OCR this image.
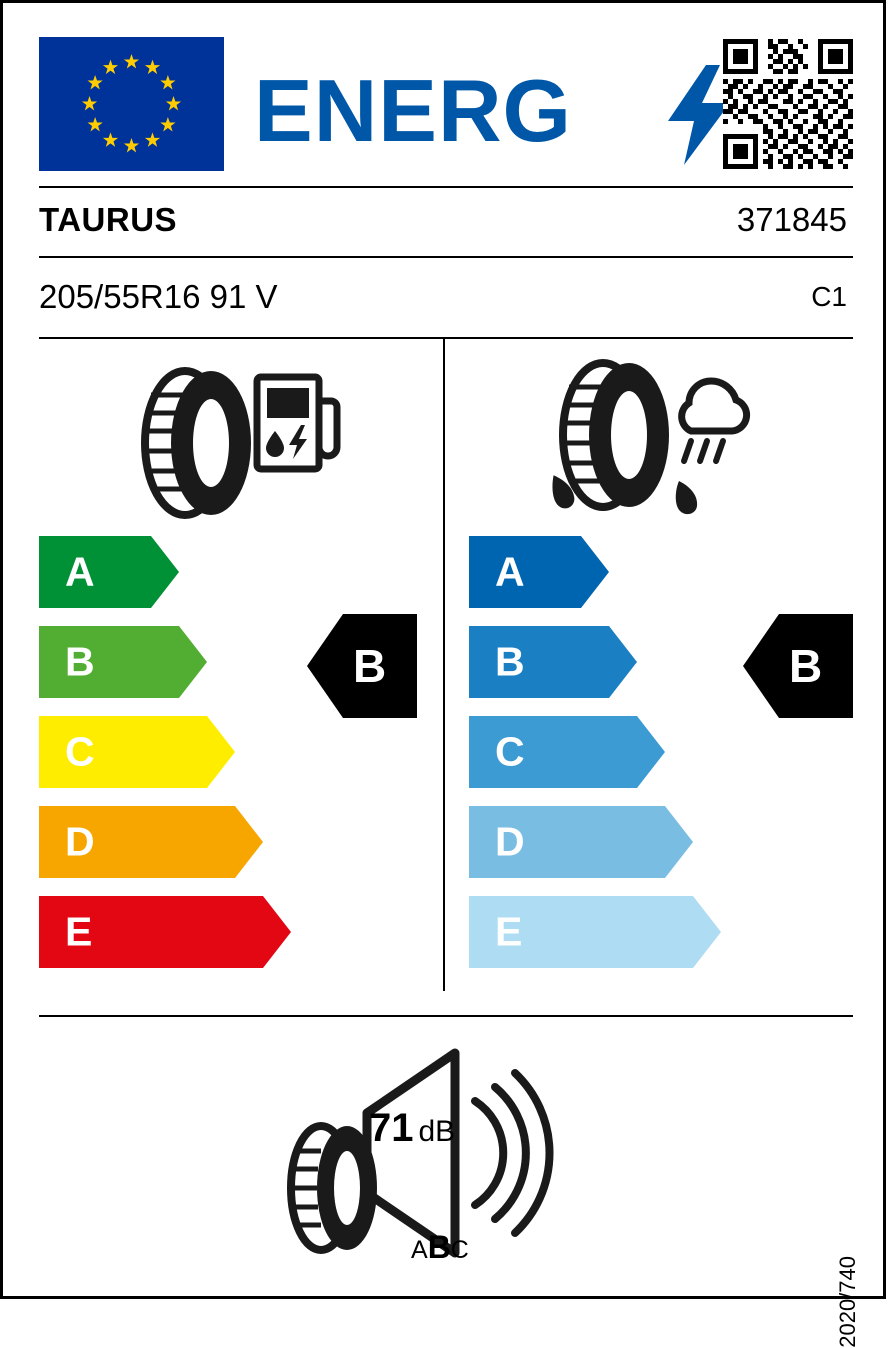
ENERG
TAURUS	371845
205/55R16 91 V	C1
A
B
C
D
E
B
A
B
C
D
E
B
71 dB
ABC
2020/740
